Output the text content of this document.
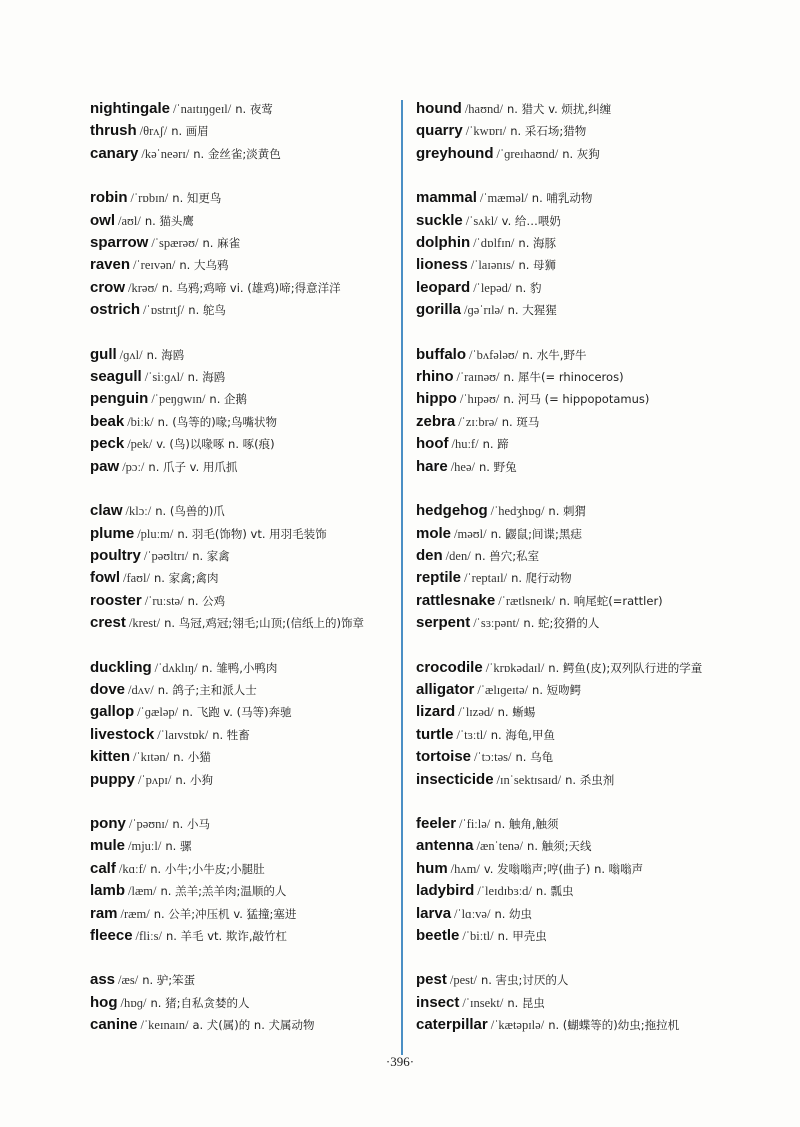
nightingale /ˈnaɪtɪŋɡeɪl/ n. 夜莺
thrush /θrʌʃ/ n. 画眉
canary /kəˈneərɪ/ n. 金丝雀;淡黄色
robin /ˈrɒbɪn/ n. 知更鸟
owl /aʊl/ n. 猫头鹰
sparrow /ˈspærəʊ/ n. 麻雀
raven /ˈreɪvən/ n. 大乌鸦
crow /krəʊ/ n. 乌鸦;鸡啼 vi. (雄鸡)啼;得意洋洋
ostrich /ˈɒstrɪtʃ/ n. 鸵鸟
gull /ɡʌl/ n. 海鸥
seagull /ˈsiːɡʌl/ n. 海鸥
penguin /ˈpeŋɡwɪn/ n. 企鹅
beak /biːk/ n. (鸟等的)喙;鸟嘴状物
peck /pek/ v. (鸟)以喙啄 n. 啄(痕)
paw /pɔː/ n. 爪子 v. 用爪抓
claw /klɔː/ n. (鸟兽的)爪
plume /pluːm/ n. 羽毛(饰物) vt. 用羽毛装饰
poultry /ˈpəʊltrɪ/ n. 家禽
fowl /faʊl/ n. 家禽;禽肉
rooster /ˈruːstə/ n. 公鸡
crest /krest/ n. 鸟冠,鸡冠;翎毛;山顶;(信纸上的)饰章
duckling /ˈdʌklɪŋ/ n. 雏鸭,小鸭肉
dove /dʌv/ n. 鸽子;主和派人士
gallop /ˈɡæləp/ n. 飞跑 v. (马等)奔驰
livestock /ˈlaɪvstɒk/ n. 牲畜
kitten /ˈkɪtən/ n. 小猫
puppy /ˈpʌpɪ/ n. 小狗
pony /ˈpəʊnɪ/ n. 小马
mule /mjuːl/ n. 骡
calf /kɑːf/ n. 小牛;小牛皮;小腿肚
lamb /læm/ n. 羔羊;羔羊肉;温顺的人
ram /ræm/ n. 公羊;冲压机 v. 猛撞;塞进
fleece /fliːs/ n. 羊毛 vt. 欺诈,敲竹杠
ass /æs/ n. 驴;笨蛋
hog /hɒɡ/ n. 猪;自私贪婪的人
canine /ˈkeɪnaɪn/ a. 犬(属)的 n. 犬属动物
hound /haʊnd/ n. 猎犬 v. 烦扰,纠缠
quarry /ˈkwɒrɪ/ n. 采石场;猎物
greyhound /ˈɡreɪhaʊnd/ n. 灰狗
mammal /ˈmæməl/ n. 哺乳动物
suckle /ˈsʌkl/ v. 给…喂奶
dolphin /ˈdɒlfɪn/ n. 海豚
lioness /ˈlaɪənɪs/ n. 母狮
leopard /ˈlepəd/ n. 豹
gorilla /ɡəˈrɪlə/ n. 大猩猩
buffalo /ˈbʌfələʊ/ n. 水牛,野牛
rhino /ˈraɪnəʊ/ n. 犀牛(= rhinoceros)
hippo /ˈhɪpəʊ/ n. 河马 (= hippopotamus)
zebra /ˈzɪːbrə/ n. 斑马
hoof /huːf/ n. 蹄
hare /heə/ n. 野兔
hedgehog /ˈhedʒhɒɡ/ n. 刺猬
mole /məʊl/ n. 鼹鼠;间谍;黑痣
den /den/ n. 兽穴;私室
reptile /ˈreptaɪl/ n. 爬行动物
rattlesnake /ˈrætlsneɪk/ n. 响尾蛇(=rattler)
serpent /ˈsɜːpənt/ n. 蛇;狡猾的人
crocodile /ˈkrɒkədaɪl/ n. 鳄鱼(皮);双列队行进的学童
alligator /ˈælɪɡeɪtə/ n. 短吻鳄
lizard /ˈlɪzəd/ n. 蜥蜴
turtle /ˈtɜːtl/ n. 海龟,甲鱼
tortoise /ˈtɔːtəs/ n. 乌龟
insecticide /ɪnˈsektɪsaɪd/ n. 杀虫剂
feeler /ˈfiːlə/ n. 触角,触须
antenna /ænˈtenə/ n. 触须;天线
hum /hʌm/ v. 发嗡嗡声;哼(曲子) n. 嗡嗡声
ladybird /ˈleɪdɪbɜːd/ n. 瓢虫
larva /ˈlɑːvə/ n. 幼虫
beetle /ˈbiːtl/ n. 甲壳虫
pest /pest/ n. 害虫;讨厌的人
insect /ˈɪnsekt/ n. 昆虫
caterpillar /ˈkætəpɪlə/ n. (蝴蝶等的)幼虫;拖拉机
·396·
